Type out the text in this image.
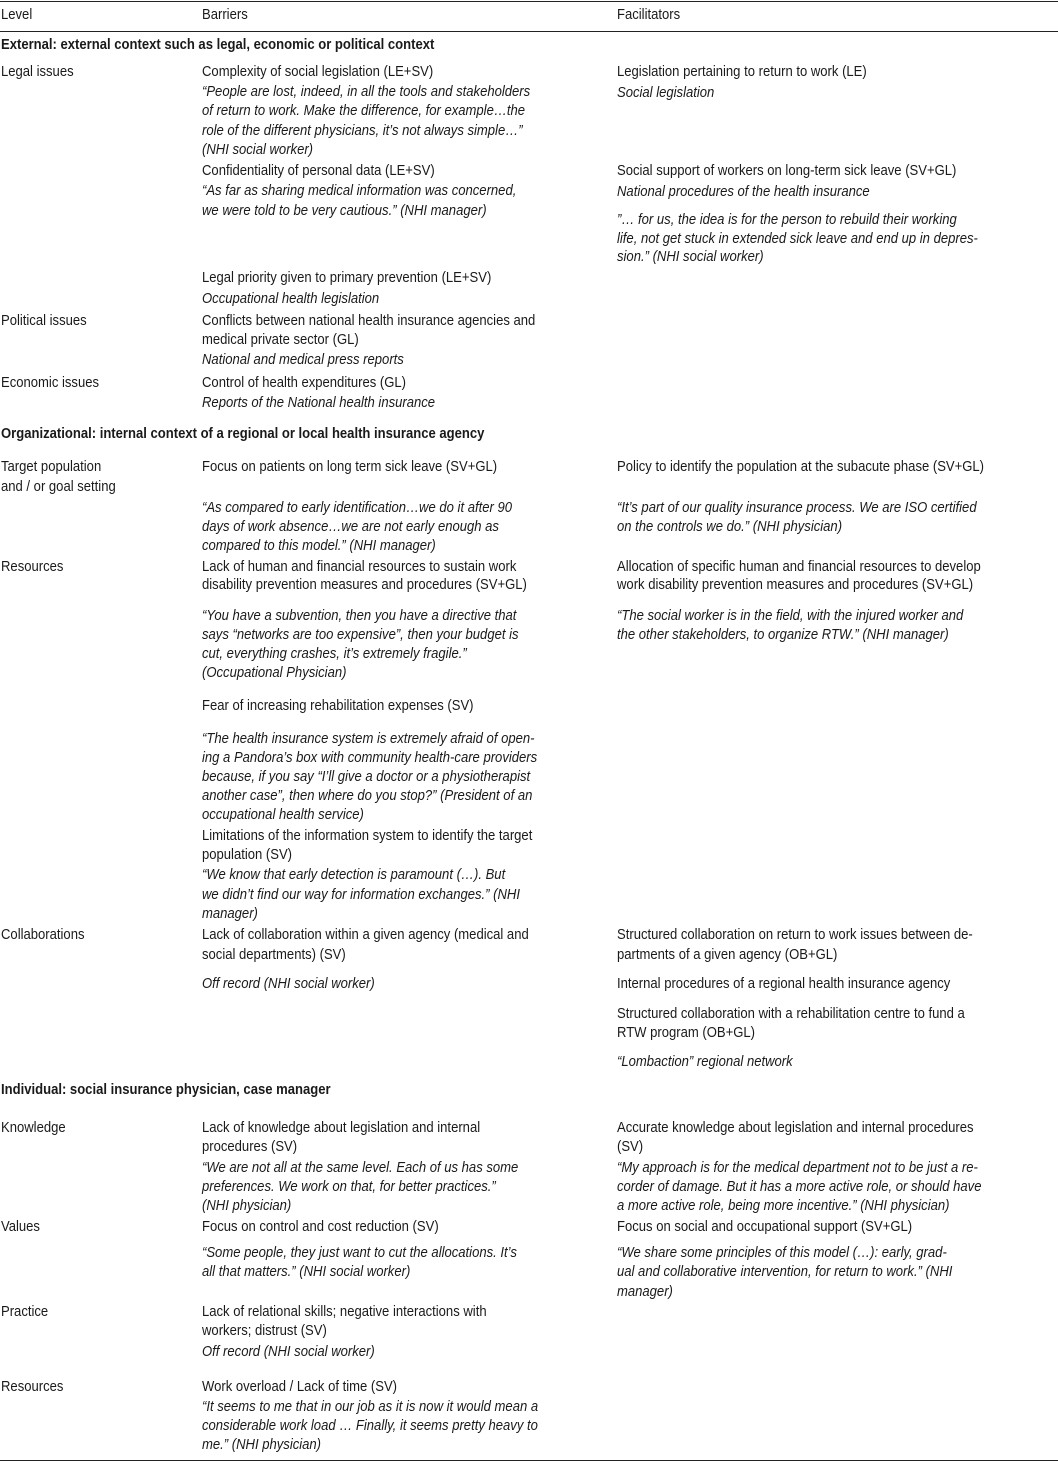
Level	Barriers	Facilitators
External: external context such as legal, economic or political context
Organizational: internal context of a regional or local health insurance agency
Individual: social insurance physician, case manager
Legal issues
Political issues
Economic issues
Target population
and / or goal setting
Resources
Collaborations
Knowledge
Values
Practice
Resources
Complexity of social legislation (LE+SV)
“People are lost, indeed, in all the tools and stakeholders
of return to work. Make the difference, for example…the
role of the different physicians, it’s not always simple…”
(NHI social worker)
Confidentiality of personal data (LE+SV)
“As far as sharing medical information was concerned,
we were told to be very cautious.” (NHI manager)
Legal priority given to primary prevention (LE+SV)
Occupational health legislation
Conflicts between national health insurance agencies and
medical private sector (GL)
National and medical press reports
Control of health expenditures (GL)
Reports of the National health insurance
Focus on patients on long term sick leave (SV+GL)
“As compared to early identification…we do it after 90
days of work absence…we are not early enough as
compared to this model.” (NHI manager)
Lack of human and financial resources to sustain work
disability prevention measures and procedures (SV+GL)
“You have a subvention, then you have a directive that
says “networks are too expensive”, then your budget is
cut, everything crashes, it’s extremely fragile.”
(Occupational Physician)
Fear of increasing rehabilitation expenses (SV)
“The health insurance system is extremely afraid of open-
ing a Pandora’s box with community health-care providers
because, if you say “I’ll give a doctor or a physiotherapist
another case”, then where do you stop?” (President of an
occupational health service)
Limitations of the information system to identify the target
population (SV)
“We know that early detection is paramount (…). But
we didn’t find our way for information exchanges.” (NHI
manager)
Lack of collaboration within a given agency (medical and
social departments) (SV)
Off record (NHI social worker)
Lack of knowledge about legislation and internal
procedures (SV)
“We are not all at the same level. Each of us has some
preferences. We work on that, for better practices.”
(NHI physician)
Focus on control and cost reduction (SV)
“Some people, they just want to cut the allocations. It’s
all that matters.” (NHI social worker)
Lack of relational skills; negative interactions with
workers; distrust (SV)
Off record (NHI social worker)
Work overload / Lack of time (SV)
“It seems to me that in our job as it is now it would mean a
considerable work load … Finally, it seems pretty heavy to
me.” (NHI physician)
Legislation pertaining to return to work (LE)
Social legislation
Social support of workers on long-term sick leave (SV+GL)
National procedures of the health insurance
”… for us, the idea is for the person to rebuild their working
life, not get stuck in extended sick leave and end up in depres-
sion.” (NHI social worker)
Policy to identify the population at the subacute phase (SV+GL)
“It’s part of our quality insurance process. We are ISO certified
on the controls we do.” (NHI physician)
Allocation of specific human and financial resources to develop
work disability prevention measures and procedures (SV+GL)
“The social worker is in the field, with the injured worker and
the other stakeholders, to organize RTW.” (NHI manager)
Structured collaboration on return to work issues between de-
partments of a given agency (OB+GL)
Internal procedures of a regional health insurance agency
Structured collaboration with a rehabilitation centre to fund a
RTW program (OB+GL)
“Lombaction” regional network
Accurate knowledge about legislation and internal procedures
(SV)
“My approach is for the medical department not to be just a re-
corder of damage. But it has a more active role, or should have
a more active role, being more incentive.” (NHI physician)
Focus on social and occupational support (SV+GL)
“We share some principles of this model (…): early, grad-
ual and collaborative intervention, for return to work.” (NHI
manager)
